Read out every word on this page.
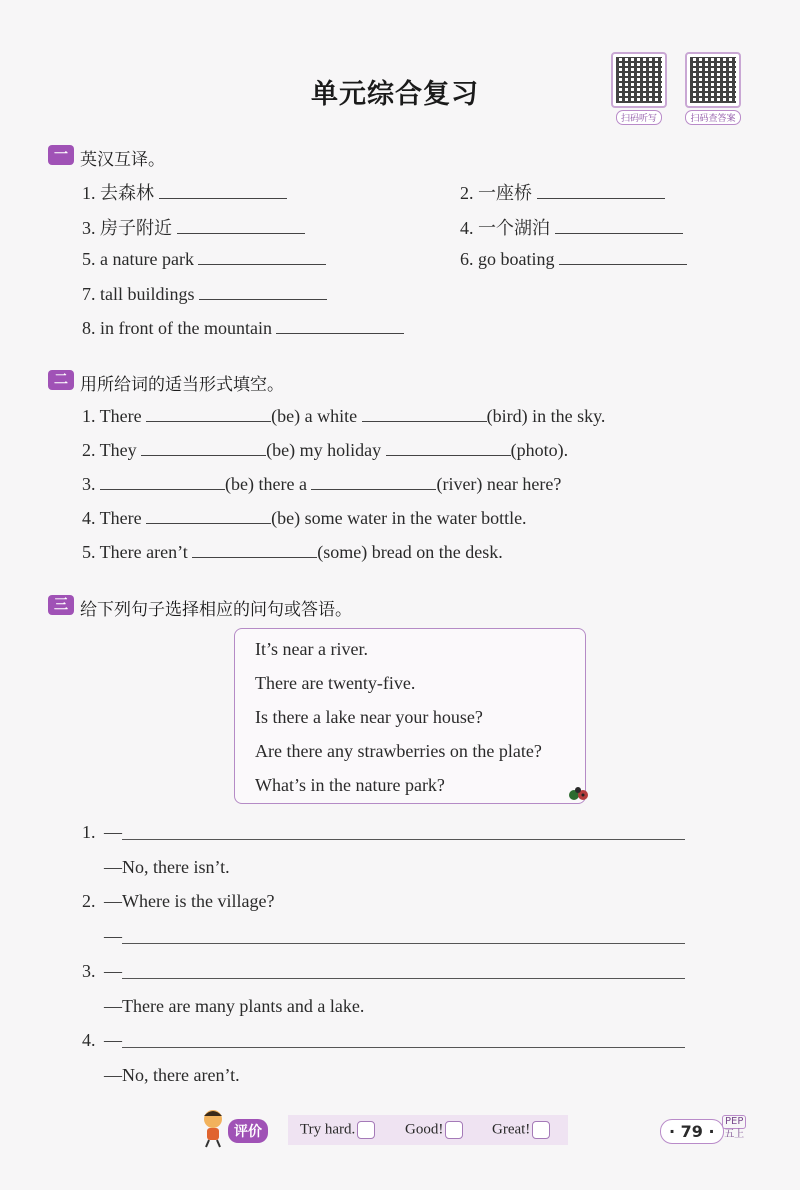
单元综合复习
扫码听写	扫码查答案
一 英汉互译。
1. 去森林	2. 一座桥
3. 房子附近	4. 一个湖泊
5. a nature park	6. go boating
7. tall buildings
8. in front of the mountain
二 用所给词的适当形式填空。
1. There	(be) a white	(bird) in the sky.
2. They	(be) my holiday	(photo).
3.	(be) there a	(river) near here?
4. There	(be) some water in the water bottle.
5. There aren’t	(some) bread on the desk.
三 给下列句子选择相应的问句或答语。
It’s near a river.
There are twenty-five.
Is there a lake near your house?
Are there any strawberries on the plate?
What’s in the nature park?
1. —
—No, there isn’t.
2. —Where is the village?
—
3. —
—There are many plants and a lake.
4. —
—No, there aren’t.
评价	Try hard.	Good!	Great!	· 79 ·
PEP
五上
